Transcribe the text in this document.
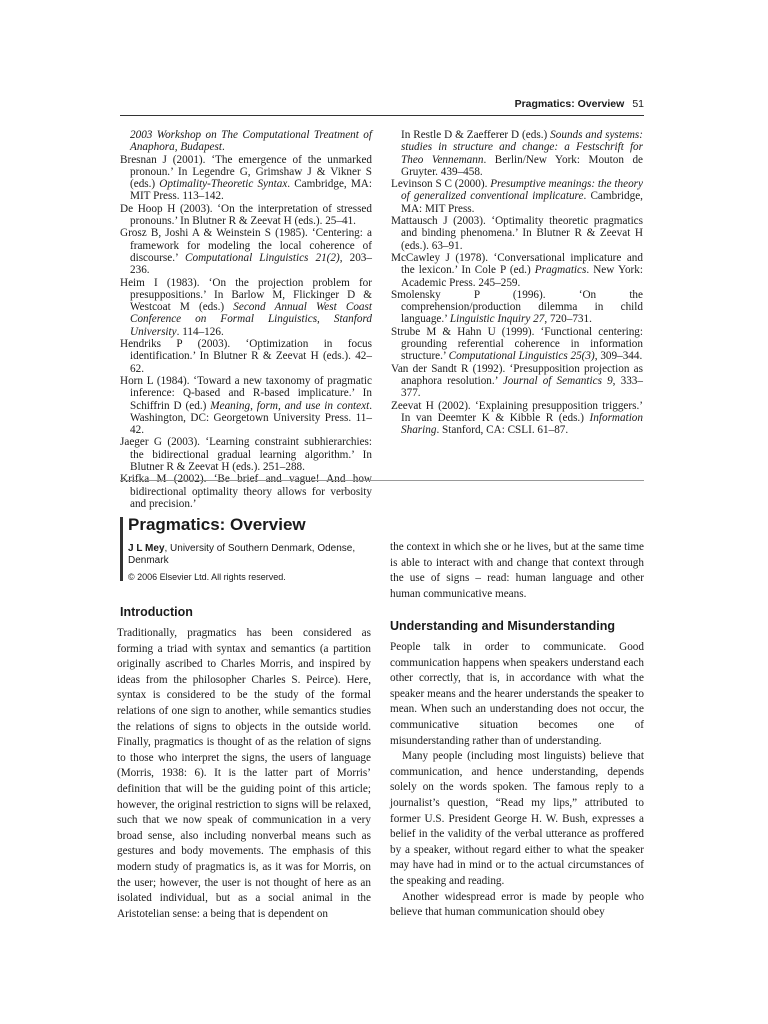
Pragmatics: Overview 51

2003 Workshop on The Computational Treatment of Anaphora, Budapest.

Bresnan J (2001). ‘The emergence of the unmarked pronoun.’ In Legendre G, Grimshaw J & Vikner S (eds.) Optimality-Theoretic Syntax. Cambridge, MA: MIT Press. 113–142.

De Hoop H (2003). ‘On the interpretation of stressed pronouns.’ In Blutner R & Zeevat H (eds.). 25–41.

Grosz B, Joshi A & Weinstein S (1985). ‘Centering: a framework for modeling the local coherence of discourse.’ Computational Linguistics 21(2), 203–236.

Heim I (1983). ‘On the projection problem for presuppositions.’ In Barlow M, Flickinger D & Westcoat M (eds.) Second Annual West Coast Conference on Formal Linguistics, Stanford University. 114–126.

Hendriks P (2003). ‘Optimization in focus identification.’ In Blutner R & Zeevat H (eds.). 42–62.

Horn L (1984). ‘Toward a new taxonomy of pragmatic inference: Q-based and R-based implicature.’ In Schiffrin D (ed.) Meaning, form, and use in context. Washington, DC: Georgetown University Press. 11–42.

Jaeger G (2003). ‘Learning constraint subhierarchies: the bidirectional gradual learning algorithm.’ In Blutner R & Zeevat H (eds.). 251–288.

Krifka M (2002). ‘Be brief and vague! And how bidirectional optimality theory allows for verbosity and precision.’

In Restle D & Zaefferer D (eds.) Sounds and systems: studies in structure and change: a Festschrift for Theo Vennemann. Berlin/New York: Mouton de Gruyter. 439–458.

Levinson S C (2000). Presumptive meanings: the theory of generalized conventional implicature. Cambridge, MA: MIT Press.

Mattausch J (2003). ‘Optimality theoretic pragmatics and binding phenomena.’ In Blutner R & Zeevat H (eds.). 63–91.

McCawley J (1978). ‘Conversational implicature and the lexicon.’ In Cole P (ed.) Pragmatics. New York: Academic Press. 245–259.

Smolensky P (1996). ‘On the comprehension/production dilemma in child language.’ Linguistic Inquiry 27, 720–731.

Strube M & Hahn U (1999). ‘Functional centering: grounding referential coherence in information structure.’ Computational Linguistics 25(3), 309–344.

Van der Sandt R (1992). ‘Presupposition projection as anaphora resolution.’ Journal of Semantics 9, 333–377.

Zeevat H (2002). ‘Explaining presupposition triggers.’ In van Deemter K & Kibble R (eds.) Information Sharing. Stanford, CA: CSLI. 61–87.

Pragmatics: Overview

J L Mey, University of Southern Denmark, Odense, Denmark

© 2006 Elsevier Ltd. All rights reserved.

Introduction

Traditionally, pragmatics has been considered as forming a triad with syntax and semantics (a partition originally ascribed to Charles Morris, and inspired by ideas from the philosopher Charles S. Peirce). Here, syntax is considered to be the study of the formal relations of one sign to another, while semantics studies the relations of signs to objects in the outside world. Finally, pragmatics is thought of as the relation of signs to those who interpret the signs, the users of language (Morris, 1938: 6). It is the latter part of Morris’ definition that will be the guiding point of this article; however, the original restriction to signs will be relaxed, such that we now speak of communication in a very broad sense, also including nonverbal means such as gestures and body movements. The emphasis of this modern study of pragmatics is, as it was for Morris, on the user; however, the user is not thought of here as an isolated individual, but as a social animal in the Aristotelian sense: a being that is dependent on

the context in which she or he lives, but at the same time is able to interact with and change that context through the use of signs – read: human language and other human communicative means.

Understanding and Misunderstanding

People talk in order to communicate. Good communication happens when speakers understand each other correctly, that is, in accordance with what the speaker means and the hearer understands the speaker to mean. When such an understanding does not occur, the communicative situation becomes one of misunderstanding rather than of understanding.

Many people (including most linguists) believe that communication, and hence understanding, depends solely on the words spoken. The famous reply to a journalist’s question, “Read my lips,” attributed to former U.S. President George H. W. Bush, expresses a belief in the validity of the verbal utterance as proffered by a speaker, without regard either to what the speaker may have had in mind or to the actual circumstances of the speaking and reading.

Another widespread error is made by people who believe that human communication should obey
